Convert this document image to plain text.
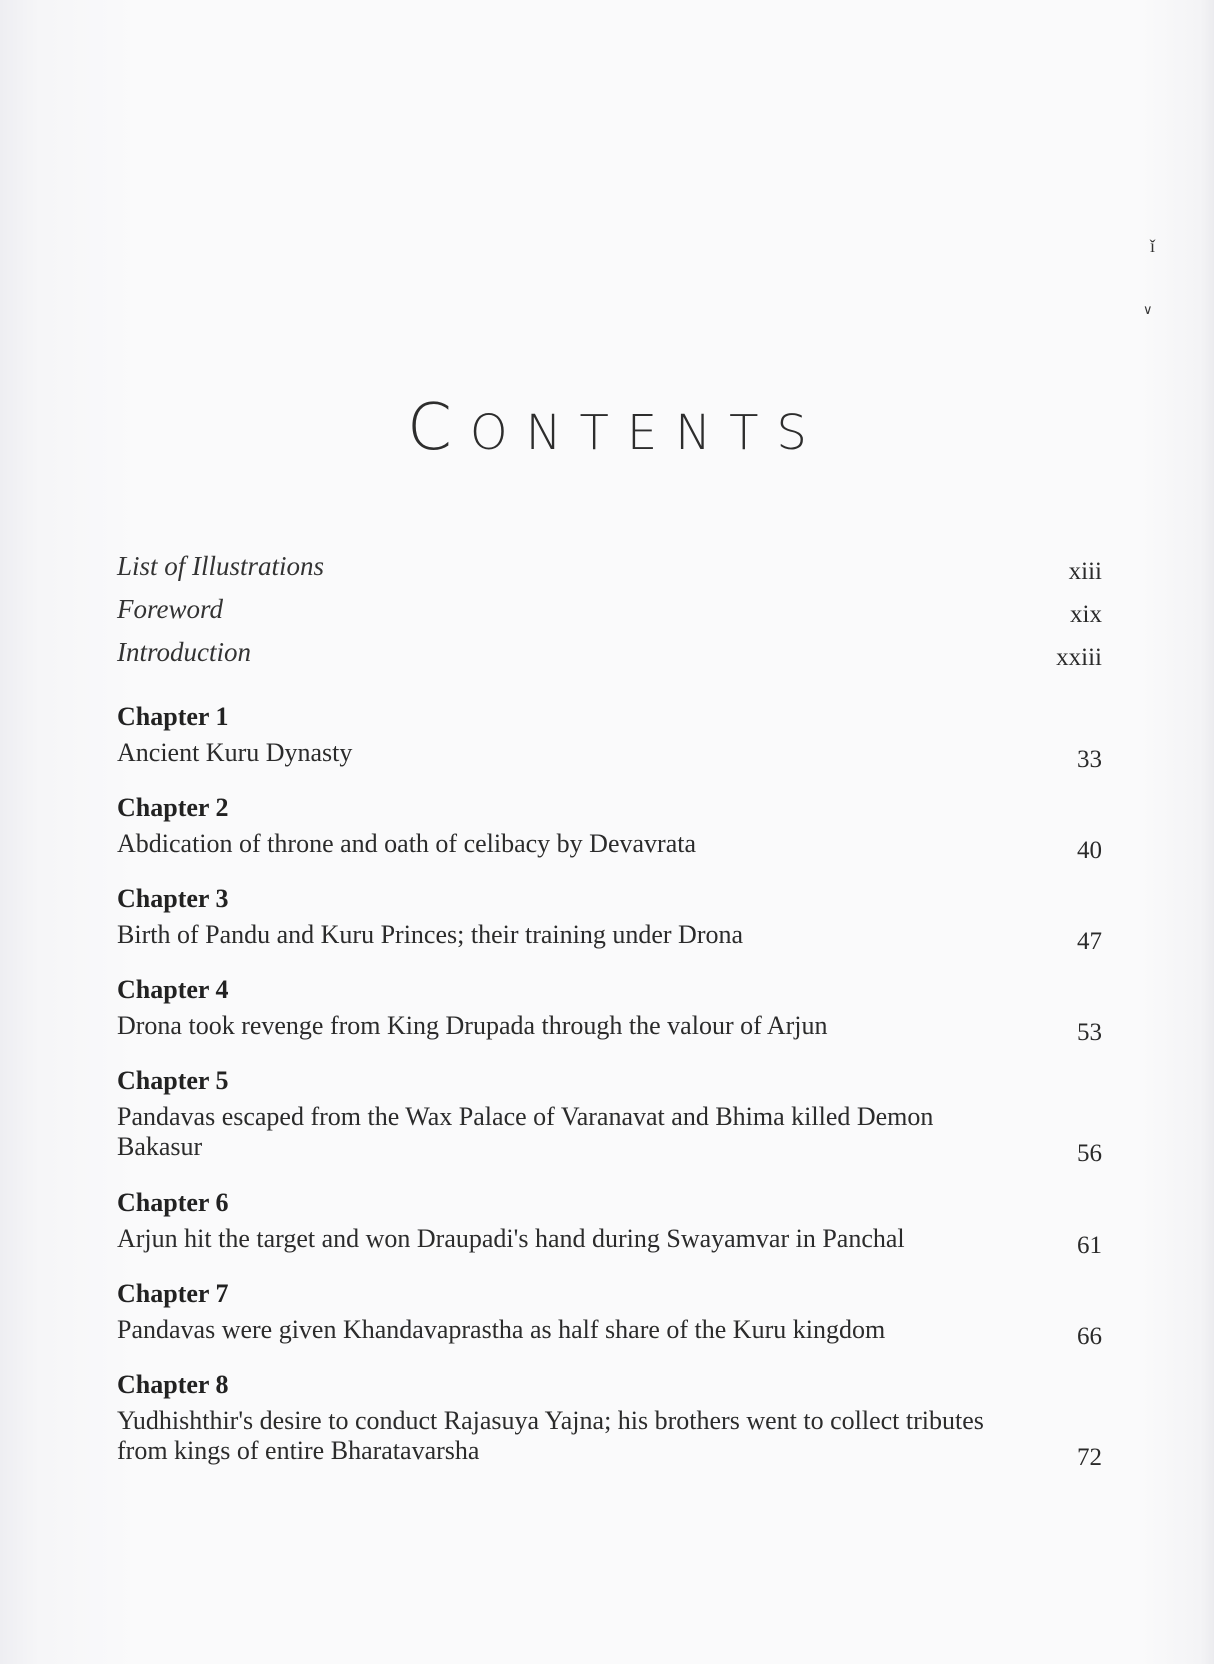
ǐ
∨
CONTENTS
List of Illustrations	xiii
Foreword	xix
Introduction	xxiii
Chapter 1
Ancient Kuru Dynasty	33
Chapter 2
Abdication of throne and oath of celibacy by Devavrata	40
Chapter 3
Birth of Pandu and Kuru Princes; their training under Drona	47
Chapter 4
Drona took revenge from King Drupada through the valour of Arjun	53
Chapter 5
Pandavas escaped from the Wax Palace of Varanavat and Bhima killed Demon Bakasur	56
Chapter 6
Arjun hit the target and won Draupadi's hand during Swayamvar in Panchal	61
Chapter 7
Pandavas were given Khandavaprastha as half share of the Kuru kingdom	66
Chapter 8
Yudhishthir's desire to conduct Rajasuya Yajna; his brothers went to collect tributes from kings of entire Bharatavarsha	72
